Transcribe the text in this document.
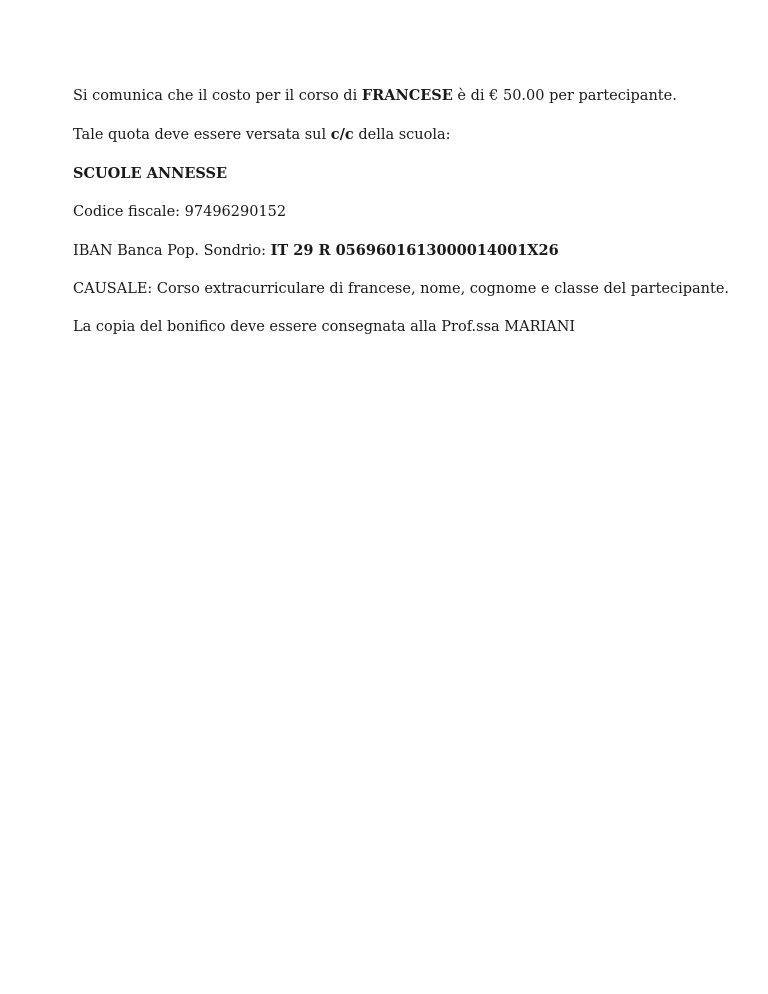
Si comunica che il costo per il corso di FRANCESE è di € 50.00 per partecipante.

Tale quota deve essere versata sul c/c della scuola:

SCUOLE ANNESSE

Codice fiscale: 97496290152

IBAN Banca Pop. Sondrio: IT 29 R 0569601613000014001X26

CAUSALE: Corso extracurriculare di francese, nome, cognome e classe del partecipante.

La copia del bonifico deve essere consegnata alla Prof.ssa MARIANI
